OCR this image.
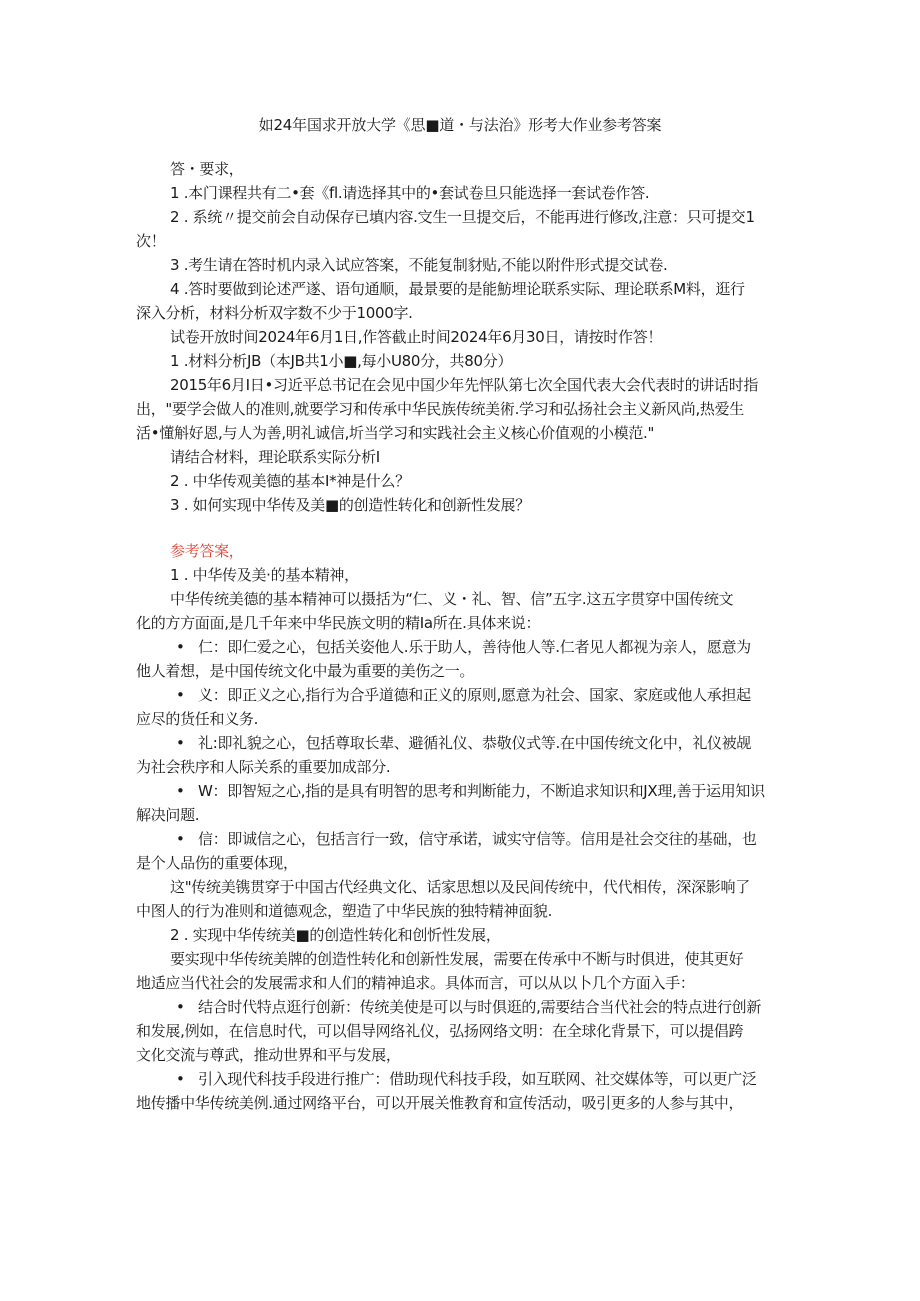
如24年国求开放大学《思■道・与法治》形考大作业参考答案
答・要求，
1 .本门课程共有二•套《fl.请选择其中的•套试卷旦只能选择一套试卷作答.
2 . 系统〃提交前会自动保存已填内容.㝊生一旦提交后，不能再进行修改,注意：只可提交1
次！
3 .考生请在答时机内录入试应答案，不能复制豺贴,不能以附件形式提交试卷.
4 .答时要做到论述严遂、语句通顺，最景要的是能魴埋论联系实际、理论联系M料，逛行
深入分析，材料分析双字数不少于1000字.
试卷开放时间2024年6月1日,作答截止时间2024年6月30日，请按时作答！
1 .材料分析JB（本JB共1小■,每小U80分，共80分）
2015年6月I日•习近平总书记在会见中国少年先怦队第七次全国代表大会代表时的讲话时指
出，"要学会做人的准则,就要学习和传承中华民族传统美術.学习和弘扬社会主义新风尚,热爱生
活•懂斛好恩,与人为善,明礼诚信,圻当学习和实践社会主义核心价值观的小模范."
请结合材料，理论联系实际分析I
2 . 中华传观美德的基本I*神是什么？
3 . 如何实现中华传及美■的创造性转化和创新性发展？
参考答案，
1 . 中华传及美‧的基本精神，
中华传统美德的基本精神可以摄括为“仁、义・礼、智、信”五字.这五字贯穿中国传统文
化的方方面面,是几千年来中华民族文明的精Ia所在.具体来说：
• 仁：即仁爱之心，包括关姿他人.乐于助人，善待他人等.仁者见人都视为亲人，愿意为
他人着想，是中国传统文化中最为重要的美伤之一。
• 义：即正义之心,指行为合乎道德和正义的原则,愿意为社会、国家、家庭或他人承担起
应尽的货任和义务.
• 礼:即礼貌之心，包括尊取长辈、避循礼仪、恭敬仪式等.在中国传统文化中，礼仪被觇
为社会秩序和人际关系的重要加成部分.
• W：即智短之心,指的是具有明智的思考和判断能力，不断追求知识和JX理,善于运用知识
解决问题.
• 信：即诚信之心，包括言行一致，信守承诺，诚实守信等。信用是社会交往的基础，也
是个人品伤的重要体现，
这"传统美镌贯穿于中国古代经典文化、话家思想以及民间传统中，代代相传，深深影响了
中图人的行为准则和道德观念，塑造了中华民族的独特精神面貌.
2 . 实现中华传统美■的创造性转化和创忻性发展，
要实现中华传统美牌的创造性转化和创新性发展，需要在传承中不断与时俱进，使其更好
地适应当代社会的发展需求和人们的精神追求。具体而言，可以从以卜几个方面入手：
• 结合时代特点逛行创新：传统美使是可以与时俱逛的,需要结合当代社会的特点进行创新
和发展,例如，在信息时代，可以倡导网络礼仪，弘扬网络文明：在全球化背景下，可以提倡跨
文化交流与尊武，推动世界和平与发展，
• 引入现代科技手段进行推广：借助现代科技手段，如互联网、社交媒体等，可以更广泛
地传播中华传统美例.通过网络平台，可以开展关惟教育和宣传活动，吸引更多的人参与其中，
